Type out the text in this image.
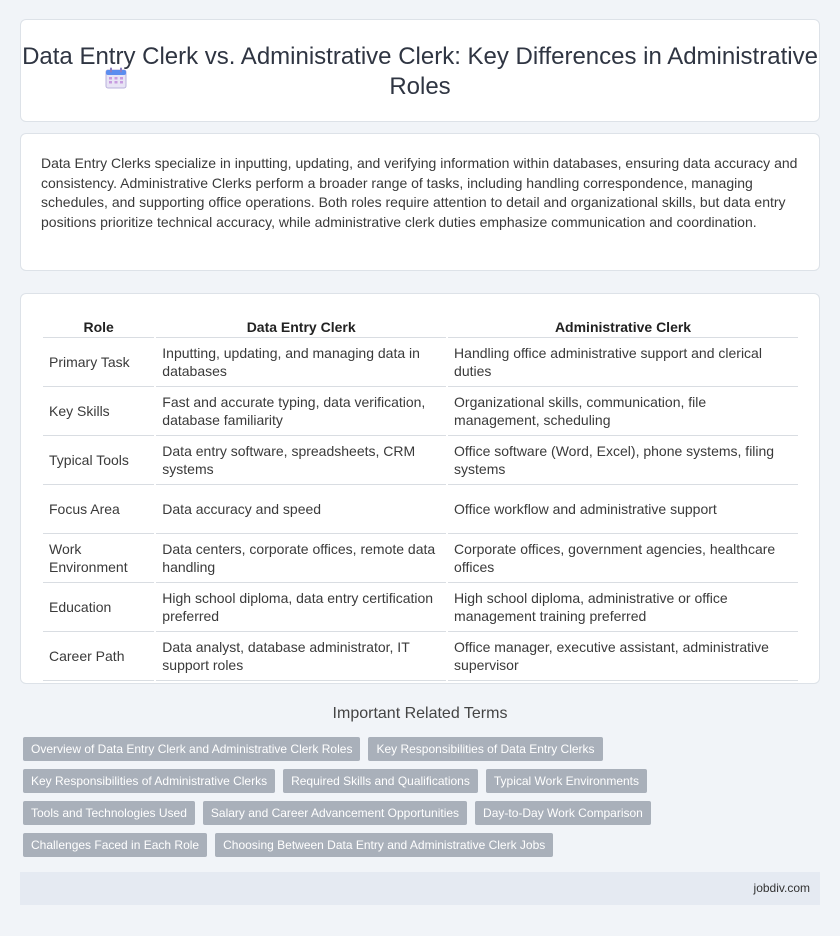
Data Entry Clerk vs. Administrative Clerk: Key Differences in Administrative Roles

Data Entry Clerks specialize in inputting, updating, and verifying information within databases, ensuring data accuracy and consistency. Administrative Clerks perform a broader range of tasks, including handling correspondence, managing schedules, and supporting office operations. Both roles require attention to detail and organizational skills, but data entry positions prioritize technical accuracy, while administrative clerk duties emphasize communication and coordination.

Role	Data Entry Clerk	Administrative Clerk
Primary Task	Inputting, updating, and managing data in databases	Handling office administrative support and clerical duties
Key Skills	Fast and accurate typing, data verification, database familiarity	Organizational skills, communication, file management, scheduling
Typical Tools	Data entry software, spreadsheets, CRM systems	Office software (Word, Excel), phone systems, filing systems
Focus Area	Data accuracy and speed	Office workflow and administrative support
Work Environment	Data centers, corporate offices, remote data handling	Corporate offices, government agencies, healthcare offices
Education	High school diploma, data entry certification preferred	High school diploma, administrative or office management training preferred
Career Path	Data analyst, database administrator, IT support roles	Office manager, executive assistant, administrative supervisor
Important Related Terms
Overview of Data Entry Clerk and Administrative Clerk Roles	Key Responsibilities of Data Entry Clerks
Key Responsibilities of Administrative Clerks	Required Skills and Qualifications	Typical Work Environments
Tools and Technologies Used	Salary and Career Advancement Opportunities	Day-to-Day Work Comparison
Challenges Faced in Each Role	Choosing Between Data Entry and Administrative Clerk Jobs
jobdiv.com
